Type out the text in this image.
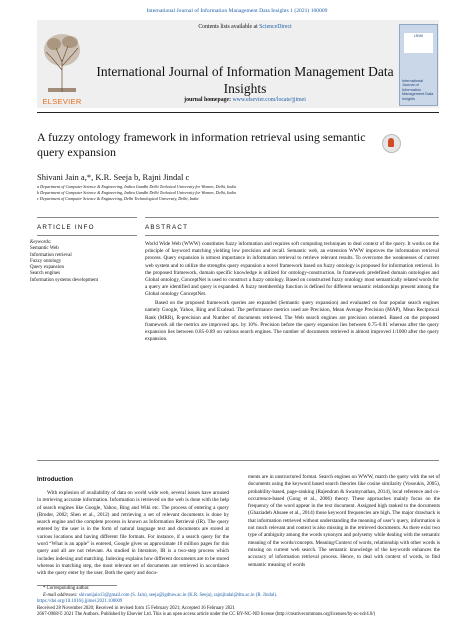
International Journal of Information Management Data Insights 1 (2021) 100009
ELSEVIER
Contents lists available at ScienceDirect
International Journal of Information Management Data Insights
journal homepage: www.elsevier.com/locate/jjimei
IJIIM
International Journal of Information Management Data Insights
A fuzzy ontology framework in information retrieval using semantic query expansion
Shivani Jain a,*, K.R. Seeja b, Rajni Jindal c
a Department of Computer Science & Engineering, Indira Gandhi Delhi Technical University for Women, Delhi, India
b Department of Computer Science & Engineering, Indira Gandhi Delhi Technical University for Women, Delhi, India
c Department of Computer Science & Engineering, Delhi Technological University, Delhi, India
ARTICLE INFO
Keywords:
Semantic Web
Information retrieval
Fuzzy ontology
Query expansion
Search engines
Information systems development
ABSTRACT

World Wide Web (WWW) constitutes fuzzy information and requires soft computing techniques to deal context of the query. It works on the principle of keyword matching yielding low precision and recall. Semantic web, an extension WWW improves the information retrieval process. Query expansion is utmost importance in information retrieval to retrieve relevant results. To overcome the weaknesses of current web system and to utilize the strengths query expansion a novel framework based on fuzzy ontology is proposed for information retrieval. In the proposed framework, domain specific knowledge is utilized for ontology-construction. In framework predefined domain ontologies and Global ontology, ConceptNet is used to construct a fuzzy ontology. Based on constructed fuzzy ontology most semantically related words for a query are identified and query is expanded. A fuzzy membership function is defined for different semantic relationships present among the Global ontology ConceptNet.

Based on the proposed framework queries are expanded (Semantic query expansion) and evaluated on four popular search engines namely Google, Yahoo, Bing and Exalead. The performance metrics used are Precision, Mean Average Precision (MAP), Mean Reciprocal Rank (MRR), R-precision and Number of documents retrieved. The Web search engines are precision oriented. Based on the proposed framework all the metrics are improved apx. by 10%. Precision before the query expansion lies between 0.75-0.81 whereas after the query expansion lies between 0.85-0.89 on various search engines. The number of documents retrieved is almost improved 1/1000 after the query expansion.

Introduction

With explosion of availability of data on world wide web, several issues have aroused in retrieving accurate information. Information is retrieved on the web is done with the help of search engines like Google, Yahoo, Bing and Wiki etc. The process of entering a query (Broder, 2002; Shen et al., 2012) and retrieving a set of relevant documents is done by search engine and the complete process in known as Information Retrieval (IR). The query entered by the user is in the form of natural language text and documents are stored at various locations and having different file formats. For instance, if a search query for the word “What is an apple” is entered, Google gives us approximate 10 million pages for this query and all are not relevant. As studied in literature, IR is a two-step process which includes indexing and matching. Indexing explains how different documents are to be stored whereas in matching step, the most relevant set of documents are retrieved in accordance with the query enter by the user. Both the query and docu-

ments are in unstructured format. Search engines on WWW, match the query with the set of documents using the keyword based search theories like cosine similarity (Vosoukis, 2005), probability-based, page-ranking (Rajendran & Swamynathan, 2014), local reference and co-occurrence-based (Gong et al., 2006) theory. These approaches mainly focus on the frequency of the word appear in the text document. Assigned high ranked to the documents (Ghaziadeh Ahsaee et al., 2014) those keyword frequencies are high. The major drawback is that information retrieved without understanding the meaning of user’s query, information is not much relevant and context is also missing in the retrieved documents. As there exist two type of ambiguity among the words synonym and polysemy while dealing with the semantic meaning of the words/concepts. Meaning/Context of words, relationship with other words is missing on current web search. The semantic knowledge of the keywords enhances the accuracy of information retrieval process. Hence, to deal with context of words, to find semantic meaning of words

* Corresponding author.
E-mail addresses: shivanijain13@gmail.com (S. Jain), seeja@igdtuw.ac.in (K.R. Seeja), rajnijindal@dtu.ac.in (R. Jindal).
https://doi.org/10.1016/j.jjimei.2021.100009
Received 28 November 2020; Received in revised form 15 February 2021; Accepted 16 February 2021
2667-0968/© 2021 The Authors. Published by Elsevier Ltd. This is an open access article under the CC BY-NC-ND license (http://creativecommons.org/licenses/by-nc-nd/4.0/)
